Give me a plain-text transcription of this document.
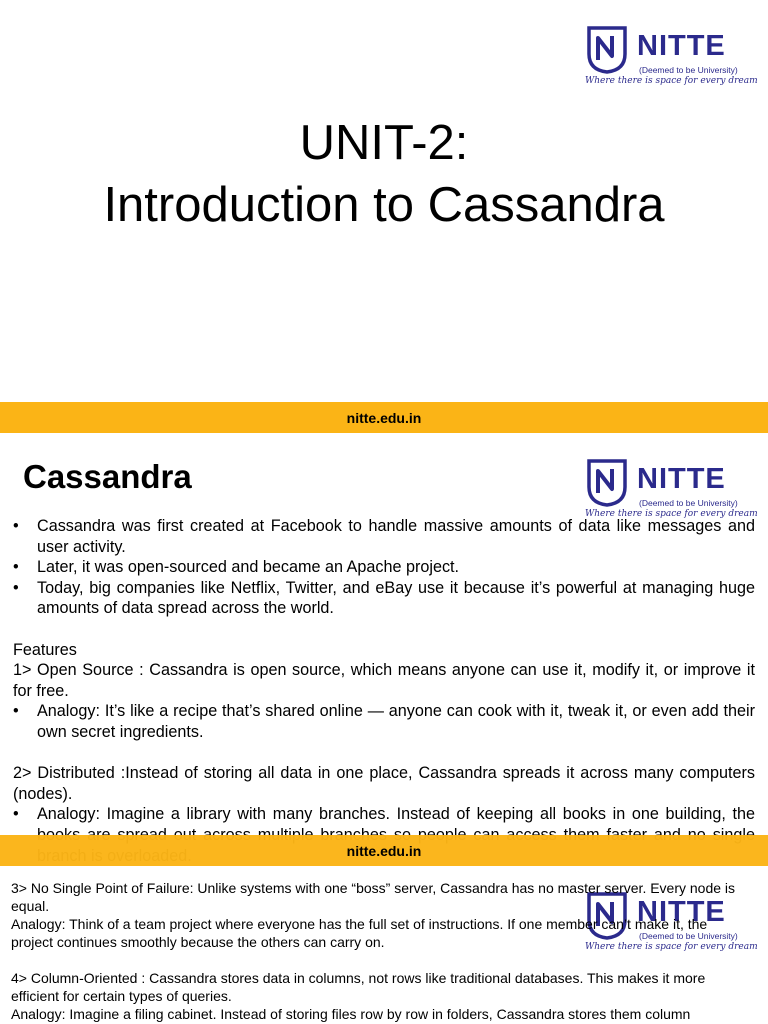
NITTE
(Deemed to be University)
Where there is space for every dream
UNIT-2:
Introduction to Cassandra
nitte.edu.in
Cassandra	NITTE
(Deemed to be University)
Where there is space for every dream

• Cassandra was first created at Facebook to handle massive amounts of data like messages and user activity.

• Later, it was open-sourced and became an Apache project.

• Today, big companies like Netflix, Twitter, and eBay use it because it’s powerful at managing huge amounts of data spread across the world.

Features

1> Open Source : Cassandra is open source, which means anyone can use it, modify it, or improve it for free.

• Analogy: It’s like a recipe that’s shared online — anyone can cook with it, tweak it, or even add their own secret ingredients.

2> Distributed :Instead of storing all data in one place, Cassandra spreads it across many computers (nodes).

• Analogy: Imagine a library with many branches. Instead of keeping all books in one building, the

nitte.edu.in
NITTE
(Deemed to be University)
Where there is space for every dream

3> No Single Point of Failure: Unlike systems with one “boss” server, Cassandra has no master server. Every node is equal.

Analogy: Think of a team project where everyone has the full set of instructions. If one member can’t make it, the project continues smoothly because the others can carry on.

4> Column-Oriented : Cassandra stores data in columns, not rows like traditional databases. This makes it more efficient for certain types of queries.

Analogy: Imagine a filing cabinet. Instead of storing files row by row in folders, Cassandra stores them column
